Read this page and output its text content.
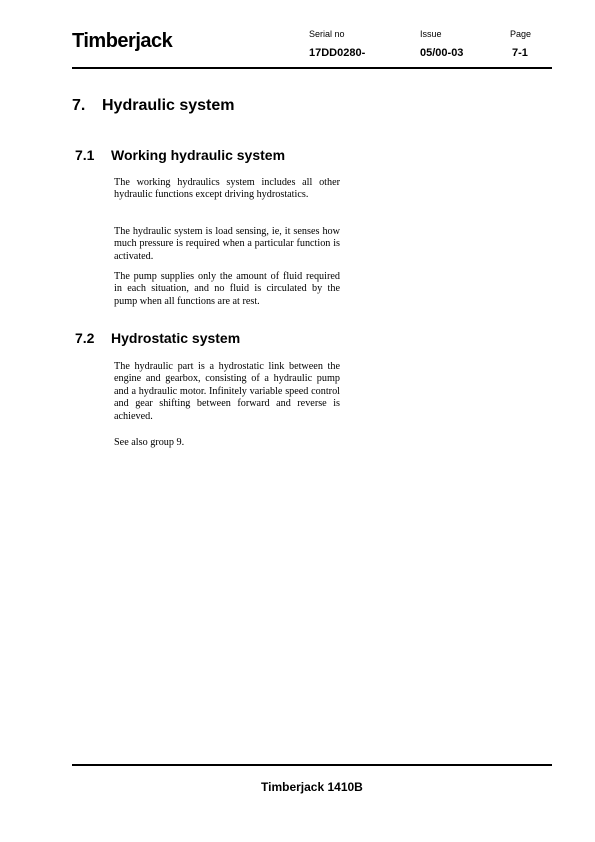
Timberjack	Serial no
17DD0280-
Issue
05/00-03
Page
7-1
7. Hydraulic system
7.1 Working hydraulic system

The working hydraulics system includes all other hydraulic functions except driving hydrostatics.

The hydraulic system is load sensing, ie, it senses how much pressure is required when a particular function is activated.

The pump supplies only the amount of fluid required in each situation, and no fluid is circulated by the pump when all functions are at rest.

7.2 Hydrostatic system

The hydraulic part is a hydrostatic link between the engine and gearbox, consisting of a hydraulic pump and a hydraulic motor. Infinitely variable speed control and gear shifting between forward and reverse is achieved.

See also group 9.

Timberjack 1410B
